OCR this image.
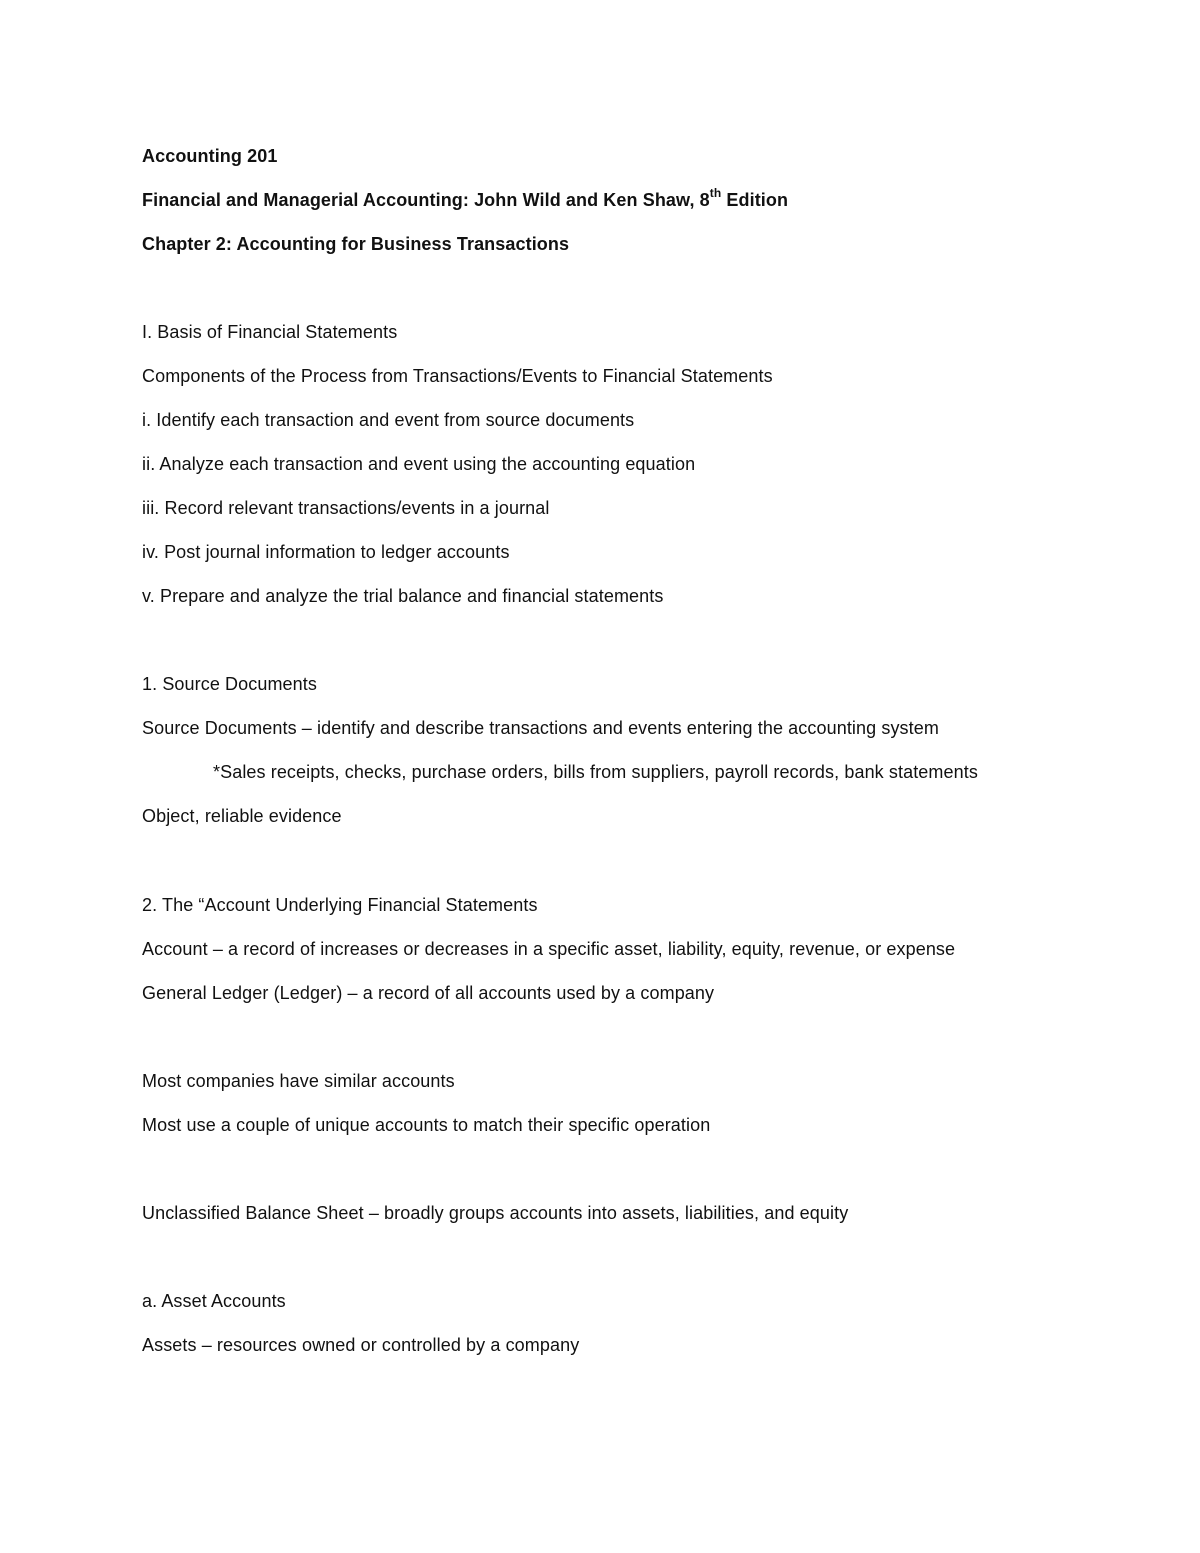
Accounting 201
Financial and Managerial Accounting: John Wild and Ken Shaw, 8th Edition
Chapter 2: Accounting for Business Transactions
I. Basis of Financial Statements
Components of the Process from Transactions/Events to Financial Statements
i. Identify each transaction and event from source documents
ii. Analyze each transaction and event using the accounting equation
iii. Record relevant transactions/events in a journal
iv. Post journal information to ledger accounts
v. Prepare and analyze the trial balance and financial statements
1. Source Documents
Source Documents – identify and describe transactions and events entering the accounting system
*Sales receipts, checks, purchase orders, bills from suppliers, payroll records, bank statements
Object, reliable evidence
2. The “Account Underlying Financial Statements
Account – a record of increases or decreases in a specific asset, liability, equity, revenue, or expense
General Ledger (Ledger) – a record of all accounts used by a company
Most companies have similar accounts
Most use a couple of unique accounts to match their specific operation
Unclassified Balance Sheet – broadly groups accounts into assets, liabilities, and equity
a. Asset Accounts
Assets – resources owned or controlled by a company
